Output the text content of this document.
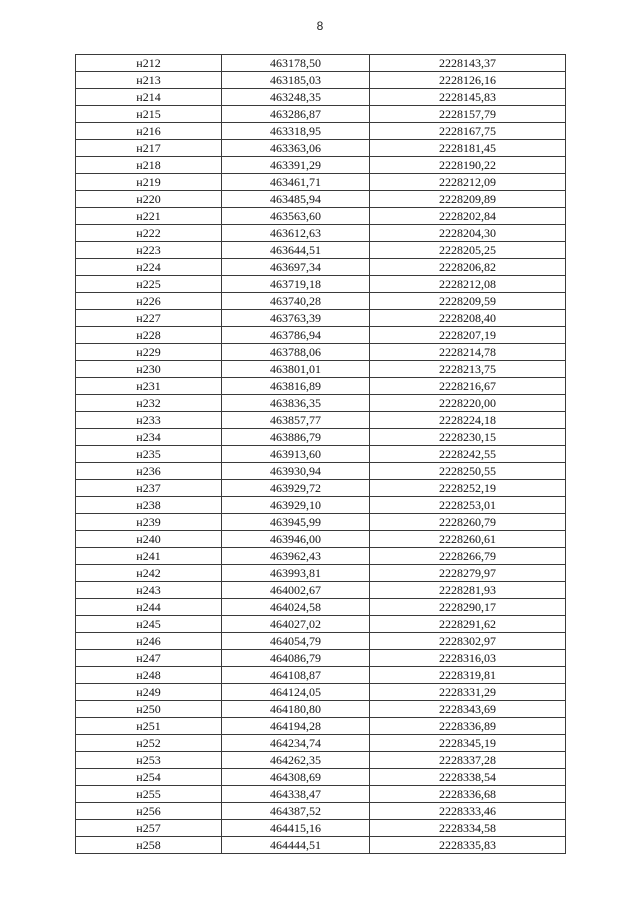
8
н212	463178,50	2228143,37
н213	463185,03	2228126,16
н214	463248,35	2228145,83
н215	463286,87	2228157,79
н216	463318,95	2228167,75
н217	463363,06	2228181,45
н218	463391,29	2228190,22
н219	463461,71	2228212,09
н220	463485,94	2228209,89
н221	463563,60	2228202,84
н222	463612,63	2228204,30
н223	463644,51	2228205,25
н224	463697,34	2228206,82
н225	463719,18	2228212,08
н226	463740,28	2228209,59
н227	463763,39	2228208,40
н228	463786,94	2228207,19
н229	463788,06	2228214,78
н230	463801,01	2228213,75
н231	463816,89	2228216,67
н232	463836,35	2228220,00
н233	463857,77	2228224,18
н234	463886,79	2228230,15
н235	463913,60	2228242,55
н236	463930,94	2228250,55
н237	463929,72	2228252,19
н238	463929,10	2228253,01
н239	463945,99	2228260,79
н240	463946,00	2228260,61
н241	463962,43	2228266,79
н242	463993,81	2228279,97
н243	464002,67	2228281,93
н244	464024,58	2228290,17
н245	464027,02	2228291,62
н246	464054,79	2228302,97
н247	464086,79	2228316,03
н248	464108,87	2228319,81
н249	464124,05	2228331,29
н250	464180,80	2228343,69
н251	464194,28	2228336,89
н252	464234,74	2228345,19
н253	464262,35	2228337,28
н254	464308,69	2228338,54
н255	464338,47	2228336,68
н256	464387,52	2228333,46
н257	464415,16	2228334,58
н258	464444,51	2228335,83
